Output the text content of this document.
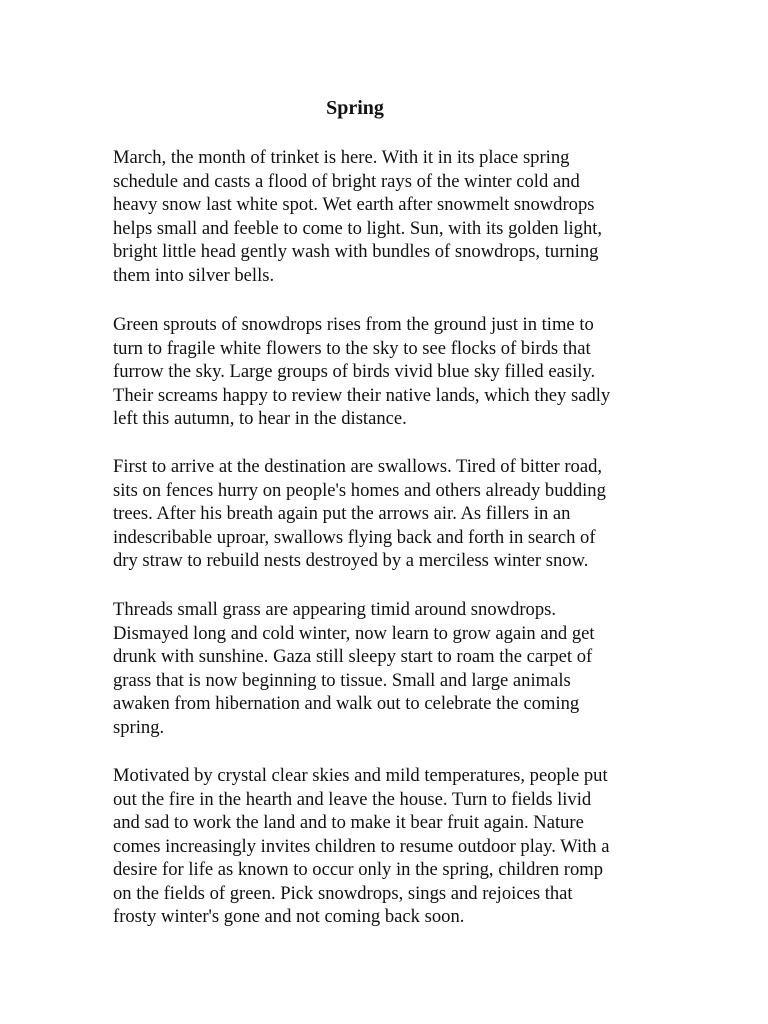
Spring
March, the month of trinket is here. With it in its place spring
schedule and casts a flood of bright rays of the winter cold and
heavy snow last white spot. Wet earth after snowmelt snowdrops
helps small and feeble to come to light. Sun, with its golden light,
bright little head gently wash with bundles of snowdrops, turning
them into silver bells.
Green sprouts of snowdrops rises from the ground just in time to
turn to fragile white flowers to the sky to see flocks of birds that
furrow the sky. Large groups of birds vivid blue sky filled easily.
Their screams happy to review their native lands, which they sadly
left this autumn, to hear in the distance.
First to arrive at the destination are swallows. Tired of bitter road,
sits on fences hurry on people's homes and others already budding
trees. After his breath again put the arrows air. As fillers in an
indescribable uproar, swallows flying back and forth in search of
dry straw to rebuild nests destroyed by a merciless winter snow.
Threads small grass are appearing timid around snowdrops.
Dismayed long and cold winter, now learn to grow again and get
drunk with sunshine. Gaza still sleepy start to roam the carpet of
grass that is now beginning to tissue. Small and large animals
awaken from hibernation and walk out to celebrate the coming
spring.
Motivated by crystal clear skies and mild temperatures, people put
out the fire in the hearth and leave the house. Turn to fields livid
and sad to work the land and to make it bear fruit again. Nature
comes increasingly invites children to resume outdoor play. With a
desire for life as known to occur only in the spring, children romp
on the fields of green. Pick snowdrops, sings and rejoices that
frosty winter's gone and not coming back soon.
